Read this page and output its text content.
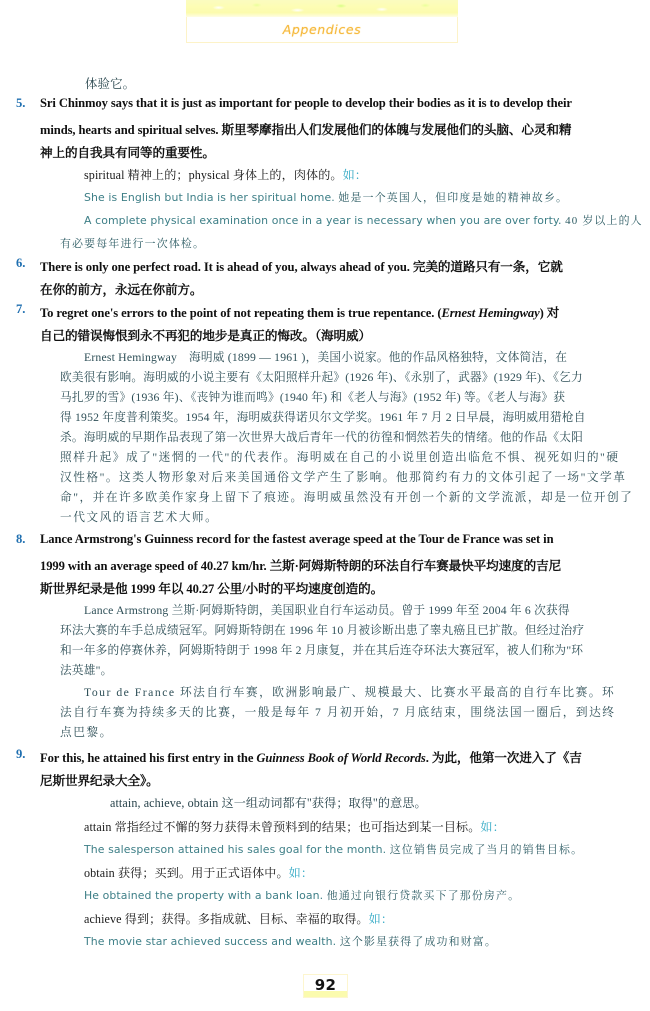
Appendices
体验它。
5. Sri Chinmoy says that it is just as important for people to develop their bodies as it is to develop their
minds, hearts and spiritual selves. 斯里琴摩指出人们发展他们的体魄与发展他们的头脑、心灵和精
神上的自我具有同等的重要性。
spiritual 精神上的；physical 身体上的，肉体的。如：
She is English but India is her spiritual home. 她是一个英国人，但印度是她的精神故乡。
A complete physical examination once in a year is necessary when you are over forty. 40 岁以上的人
有必要每年进行一次体检。
6. There is only one perfect road. It is ahead of you, always ahead of you. 完美的道路只有一条，它就
在你的前方，永远在你前方。
7. To regret one's errors to the point of not repeating them is true repentance. (Ernest Hemingway) 对
自己的错误悔恨到永不再犯的地步是真正的悔改。（海明威）
Ernest Hemingway　海明威 (1899 — 1961 )，美国小说家。他的作品风格独特，文体简洁，在
欧美很有影响。海明威的小说主要有《太阳照样升起》(1926 年)、《永别了，武器》(1929 年)、《乞力
马扎罗的雪》(1936 年)、《丧钟为谁而鸣》(1940 年) 和《老人与海》(1952 年) 等。《老人与海》获
得 1952 年度普利策奖。1954 年，海明威获得诺贝尔文学奖。1961 年 7 月 2 日早晨，海明威用猎枪自
杀。海明威的早期作品表现了第一次世界大战后青年一代的彷徨和惘然若失的情绪。他的作品《太阳
照样升起》成了"迷惘的一代"的代表作。海明威在自己的小说里创造出临危不惧、视死如归的"硬
汉性格"。这类人物形象对后来美国通俗文学产生了影响。他那简约有力的文体引起了一场"文学革
命"，并在许多欧美作家身上留下了痕迹。海明威虽然没有开创一个新的文学流派，却是一位开创了
一代文风的语言艺术大师。
8. Lance Armstrong's Guinness record for the fastest average speed at the Tour de France was set in
1999 with an average speed of 40.27 km/hr. 兰斯·阿姆斯特朗的环法自行车赛最快平均速度的吉尼
斯世界纪录是他 1999 年以 40.27 公里/小时的平均速度创造的。
Lance Armstrong 兰斯·阿姆斯特朗，美国职业自行车运动员。曾于 1999 年至 2004 年 6 次获得
环法大赛的车手总成绩冠军。阿姆斯特朗在 1996 年 10 月被诊断出患了睾丸癌且已扩散。但经过治疗
和一年多的停赛休养，阿姆斯特朗于 1998 年 2 月康复，并在其后连夺环法大赛冠军，被人们称为"环
法英雄"。
Tour de France 环法自行车赛，欧洲影响最广、规模最大、比赛水平最高的自行车比赛。环
法自行车赛为持续多天的比赛，一般是每年 7 月初开始，7 月底结束，围绕法国一圈后，到达终
点巴黎。
9. For this, he attained his first entry in the Guinness Book of World Records. 为此，他第一次进入了《吉
尼斯世界纪录大全》。
attain, achieve, obtain 这一组动词都有"获得；取得"的意思。
attain 常指经过不懈的努力获得未曾预料到的结果；也可指达到某一目标。如：
The salesperson attained his sales goal for the month. 这位销售员完成了当月的销售目标。
obtain 获得；买到。用于正式语体中。如：
He obtained the property with a bank loan. 他通过向银行贷款买下了那份房产。
achieve 得到；获得。多指成就、目标、幸福的取得。如：
The movie star achieved success and wealth. 这个影星获得了成功和财富。
92
